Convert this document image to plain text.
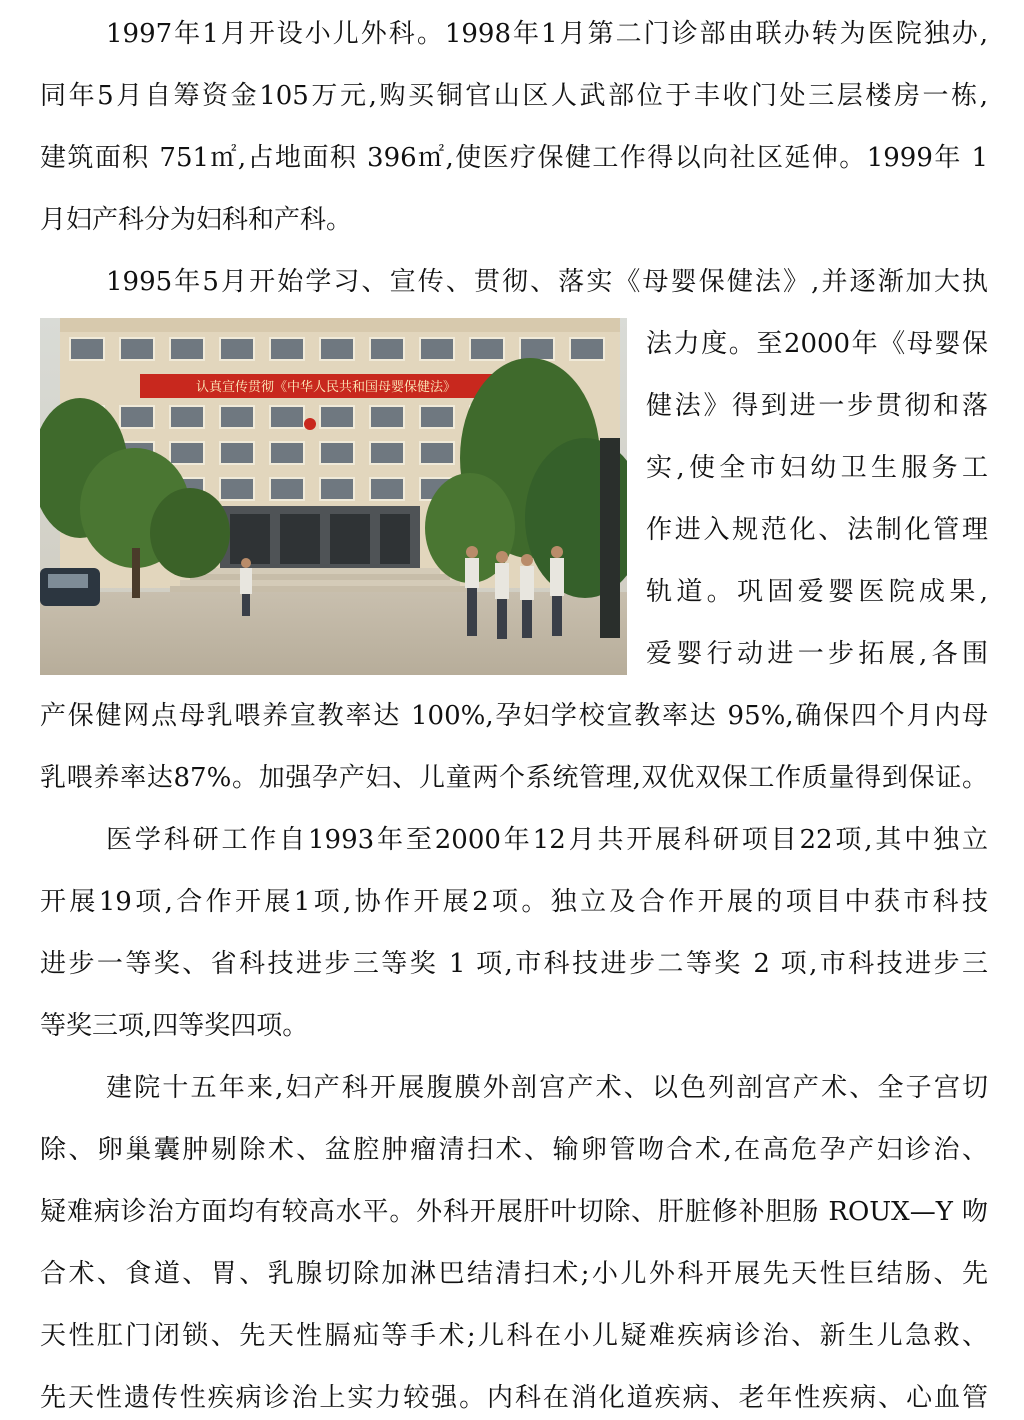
1997年1月开设小儿外科。1998年1月第二门诊部由联办转为医院独办,
同年5月自筹资金105万元,购买铜官山区人武部位于丰收门处三层楼房一栋,
建筑面积 751㎡,占地面积 396㎡,使医疗保健工作得以向社区延伸。1999年 1
月妇产科分为妇科和产科。
1995年5月开始学习、宣传、贯彻、落实《母婴保健法》,并逐渐加大执
认真宣传贯彻《中华人民共和国母婴保健法》
法力度。至2000年《母婴保
健法》得到进一步贯彻和落
实,使全市妇幼卫生服务工
作进入规范化、法制化管理
轨道。巩固爱婴医院成果,
爱婴行动进一步拓展,各围
产保健网点母乳喂养宣教率达 100%,孕妇学校宣教率达 95%,确保四个月内母
乳喂养率达87%。加强孕产妇、儿童两个系统管理,双优双保工作质量得到保证。
医学科研工作自1993年至2000年12月共开展科研项目22项,其中独立
开展19项,合作开展1项,协作开展2项。独立及合作开展的项目中获市科技
进步一等奖、省科技进步三等奖 1 项,市科技进步二等奖 2 项,市科技进步三
等奖三项,四等奖四项。
建院十五年来,妇产科开展腹膜外剖宫产术、以色列剖宫产术、全子宫切
除、卵巢囊肿剔除术、盆腔肿瘤清扫术、输卵管吻合术,在高危孕产妇诊治、
疑难病诊治方面均有较高水平。外科开展肝叶切除、肝脏修补胆肠 ROUX—Y 吻
合术、食道、胃、乳腺切除加淋巴结清扫术;小儿外科开展先天性巨结肠、先
天性肛门闭锁、先天性膈疝等手术;儿科在小儿疑难疾病诊治、新生儿急救、
先天性遗传性疾病诊治上实力较强。内科在消化道疾病、老年性疾病、心血管
